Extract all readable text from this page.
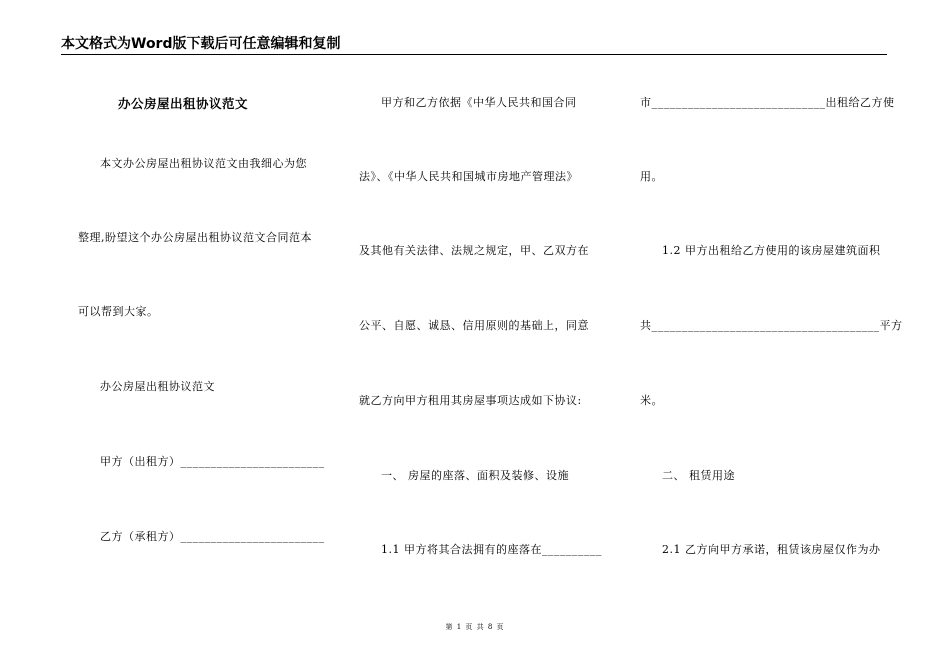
本文格式为Word版下载后可任意编辑和复制
办公房屋出租协议范文
本文办公房屋出租协议范文由我细心为您
整理,盼望这个办公房屋出租协议范文合同范本
可以帮到大家。
办公房屋出租协议范文
甲方（出租方）________________________
乙方（承租方）________________________
甲方和乙方依据《中华人民共和国合同
法》、《中华人民共和国城市房地产管理法》
及其他有关法律、法规之规定，甲、乙双方在
公平、自愿、诚恳、信用原则的基础上，同意
就乙方向甲方租用其房屋事项达成如下协议:
一、 房屋的座落、面积及装修、设施
1.1 甲方将其合法拥有的座落在__________
市_____________________________出租给乙方使
用。
1.2 甲方出租给乙方使用的该房屋建筑面积
共______________________________________平方
米。
二、 租赁用途
2.1 乙方向甲方承诺，租赁该房屋仅作为办
第 1 页 共 8 页
